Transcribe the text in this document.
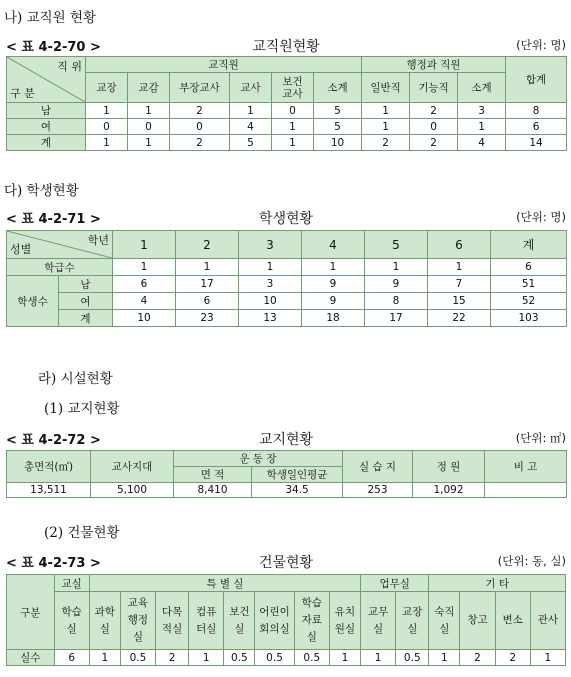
나) 교직원 현황
< 표 4-2-70 >	교직원현황	(단위: 명)
직 위
구 분	교직원						행정과 직원			합계
	교장	교감	부장교사	교사	보건교사	소계	일반직	기능직	소계	
남	1	1	2	1	0	5	1	2	3	8
여	0	0	0	4	1	5	1	0	1	6
계	1	1	2	5	1	10	2	2	4	14
다) 학생현황
< 표 4-2-71 >	학생현황	(단위: 명)
학년
성별		1	2	3	4	5	6	계
학급수		1	1	1	1	1	1	6
학생수	남	6	17	3	9	9	7	51
	여	4	6	10	9	8	15	52
	계	10	23	13	18	17	22	103
라) 시설현황
(1) 교지현황
< 표 4-2-72 >	교지현황	(단위: ㎡)
총면적(㎡)	교사지대	운 동 장		실 습 지	정 원	비 고
		면 적	학생일인평균			
13,511	5,100	8,410	34.5	253	1,092	
(2) 건물현황
< 표 4-2-73 >	건물현황	(단위: 동, 실)
구분	교실	특 별 실								업무실		기 타			
	학습실	과학실	교육행정실	다목적실	컴퓨터실	보건실	어린이회의실	학습자료실	유치원실	교무실	교장실	숙직실	창고	변소	관사
실수	6	1	0.5	2	1	0.5	0.5	0.5	1	1	0.5	1	2	2	1
